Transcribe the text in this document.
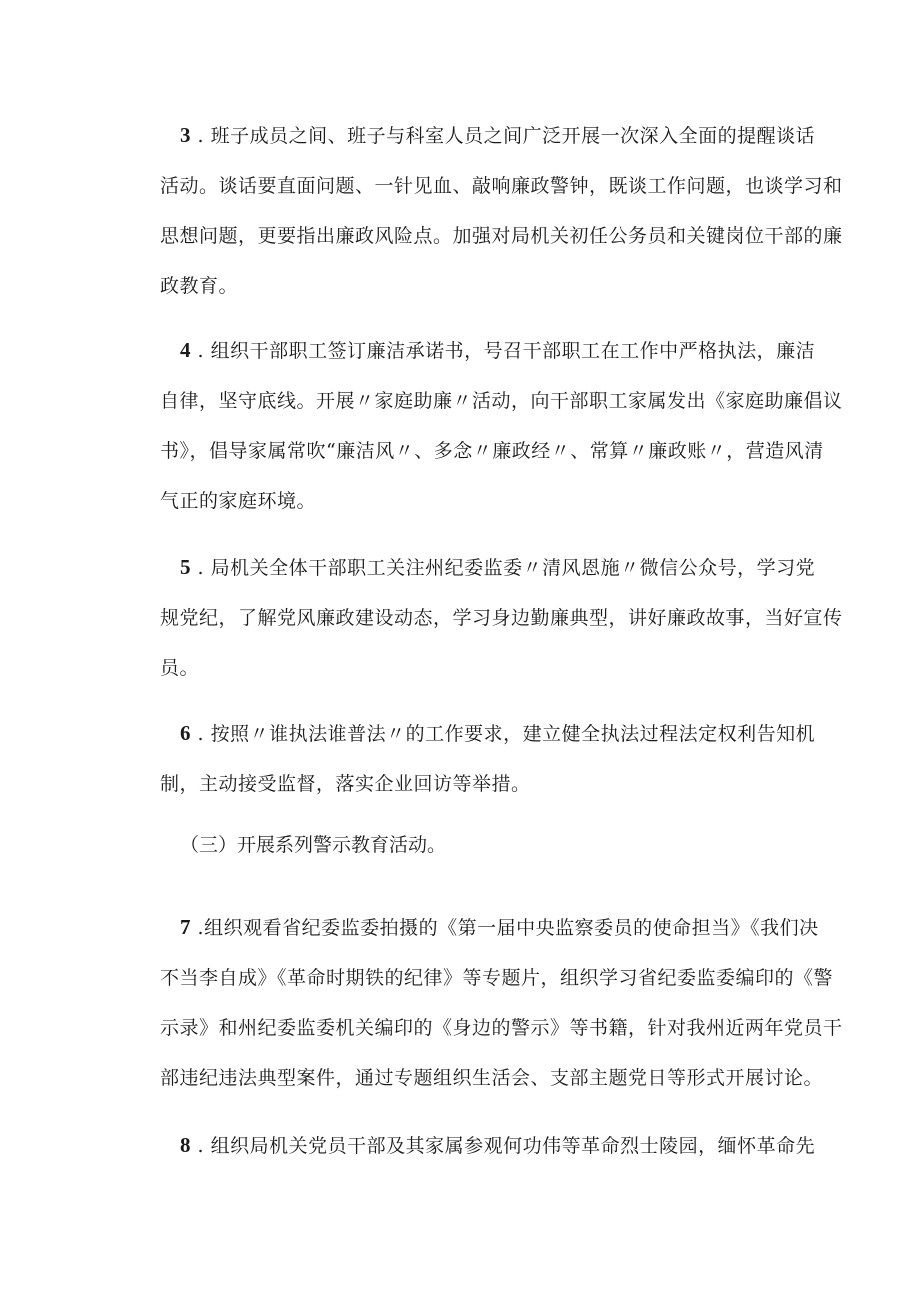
3 . 班子成员之间、班子与科室人员之间广泛开展一次深入全面的提醒谈话
活动。谈话要直面问题、一针见血、敲响廉政警钟，既谈工作问题，也谈学习和
思想问题，更要指出廉政风险点。加强对局机关初任公务员和关键岗位干部的廉
政教育。
4 . 组织干部职工签订廉洁承诺书，号召干部职工在工作中严格执法，廉洁
自律，坚守底线。开展〃家庭助廉〃活动，向干部职工家属发出《家庭助廉倡议
书》，倡导家属常吹“廉洁风〃、多念〃廉政经〃、常算〃廉政账〃，营造风清
气正的家庭环境。
5 . 局机关全体干部职工关注州纪委监委〃清风恩施〃微信公众号，学习党
规党纪，了解党风廉政建设动态，学习身边勤廉典型，讲好廉政故事，当好宣传
员。
6 . 按照〃谁执法谁普法〃的工作要求，建立健全执法过程法定权利告知机
制，主动接受监督，落实企业回访等举措。
（三）开展系列警示教育活动。
7 .组织观看省纪委监委拍摄的《第一届中央监察委员的使命担当》《我们决
不当李自成》《革命时期铁的纪律》等专题片，组织学习省纪委监委编印的《警
示录》和州纪委监委机关编印的《身边的警示》等书籍，针对我州近两年党员干
部违纪违法典型案件，通过专题组织生活会、支部主题党日等形式开展讨论。
8 . 组织局机关党员干部及其家属参观何功伟等革命烈士陵园，缅怀革命先
